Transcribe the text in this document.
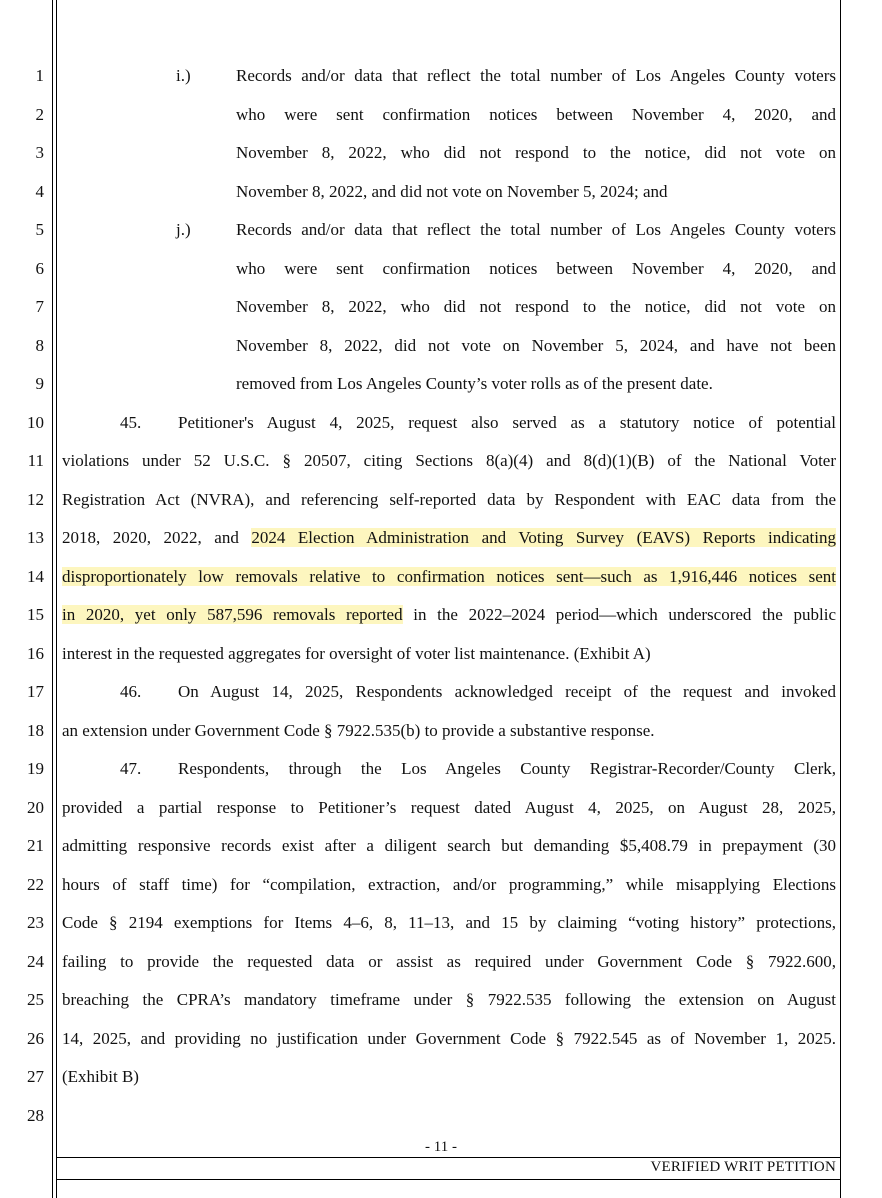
1
2
3
4
5
6
7
8
9
10
11
12
13
14
15
16
17
18
19
20
21
22
23
24
25
26
27
28
i.)	Records and/or data that reflect the total number of Los Angeles County voters
who were sent confirmation notices between November 4, 2020, and
November 8, 2022, who did not respond to the notice, did not vote on
November 8, 2022, and did not vote on November 5, 2024; and
j.)	Records and/or data that reflect the total number of Los Angeles County voters
who were sent confirmation notices between November 4, 2020, and
November 8, 2022, who did not respond to the notice, did not vote on
November 8, 2022, did not vote on November 5, 2024, and have not been
removed from Los Angeles County’s voter rolls as of the present date.
45. Petitioner's August 4, 2025, request also served as a statutory notice of potential
violations under 52 U.S.C. § 20507, citing Sections 8(a)(4) and 8(d)(1)(B) of the National Voter
Registration Act (NVRA), and referencing self-reported data by Respondent with EAC data from the
2018, 2020, 2022, and 2024 Election Administration and Voting Survey (EAVS) Reports indicating
disproportionately low removals relative to confirmation notices sent—such as 1,916,446 notices sent
in 2020, yet only 587,596 removals reported in the 2022–2024 period—which underscored the public
interest in the requested aggregates for oversight of voter list maintenance. (Exhibit A)
46. On August 14, 2025, Respondents acknowledged receipt of the request and invoked
an extension under Government Code § 7922.535(b) to provide a substantive response.
47. Respondents, through the Los Angeles County Registrar-Recorder/County Clerk,
provided a partial response to Petitioner’s request dated August 4, 2025, on August 28, 2025,
admitting responsive records exist after a diligent search but demanding $5,408.79 in prepayment (30
hours of staff time) for “compilation, extraction, and/or programming,” while misapplying Elections
Code § 2194 exemptions for Items 4–6, 8, 11–13, and 15 by claiming “voting history” protections,
failing to provide the requested data or assist as required under Government Code § 7922.600,
breaching the CPRA’s mandatory timeframe under § 7922.535 following the extension on August
14, 2025, and providing no justification under Government Code § 7922.545 as of November 1, 2025.
(Exhibit B)
- 11 -
VERIFIED WRIT PETITION
